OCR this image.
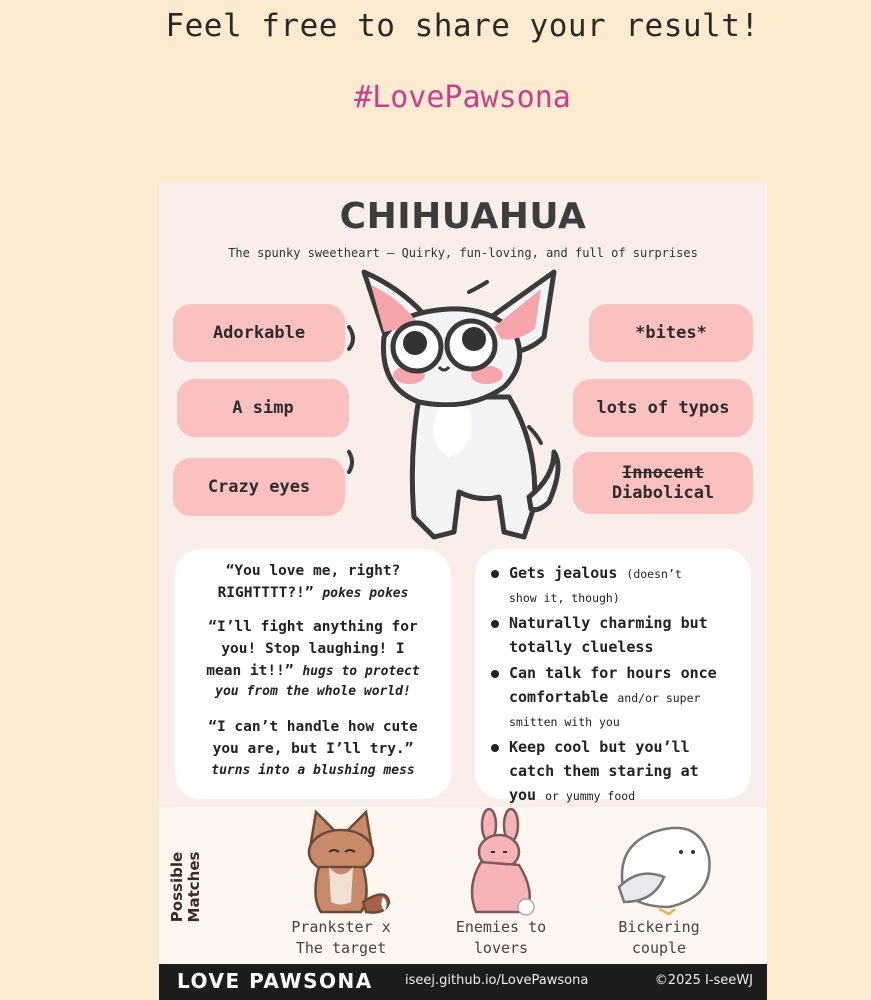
Feel free to share your result!
#LovePawsona
CHIHUAHUA
The spunky sweetheart – Quirky, fun-loving, and full of surprises
Adorkable
A simp
Crazy eyes
*bites*
lots of typos
Innocent
Diabolical
“You love me, right?
RIGHTTTT?!” pokes pokes
“I’ll fight anything for
you! Stop laughing! I
mean it!!” hugs to protect
you from the whole world!
“I can’t handle how cute
you are, but I’ll try.”
turns into a blushing mess
Gets jealous (doesn’t
show it, though)
Naturally charming but
totally clueless
Can talk for hours once
comfortable and/or super
smitten with you
Keep cool but you’ll
catch them staring at
you or yummy food
Possible
Matches
Prankster x
The target
Enemies to
lovers
Bickering
couple
LOVE PAWSONA iseej.github.io/LovePawsona	©2025 I-seeWJ
